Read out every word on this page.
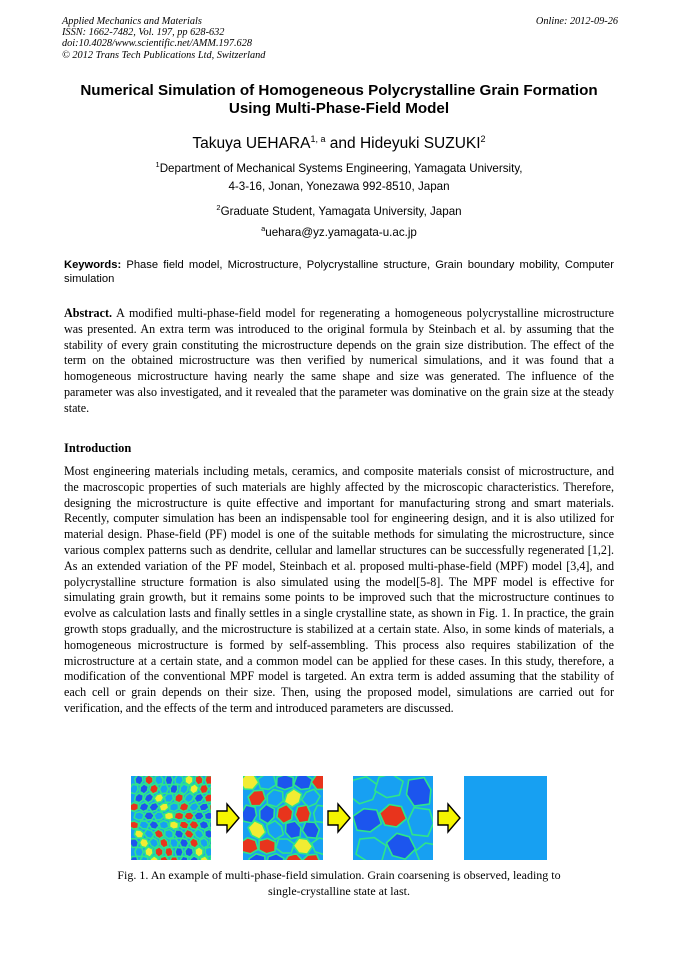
Applied Mechanics and Materials
ISSN: 1662-7482, Vol. 197, pp 628-632
doi:10.4028/www.scientific.net/AMM.197.628
© 2012 Trans Tech Publications Ltd, Switzerland
Online: 2012-09-26
Numerical Simulation of Homogeneous Polycrystalline Grain Formation
Using Multi-Phase-Field Model
Takuya UEHARA$^{1, a}$ and Hideyuki SUZUKI$^2$
$^1$Department of Mechanical Systems Engineering, Yamagata University,
4-3-16, Jonan, Yonezawa 992-8510, Japan
$^2$Graduate Student, Yamagata University, Japan
$^a$uehara@yz.yamagata-u.ac.jp
Keywords: Phase field model, Microstructure, Polycrystalline structure, Grain boundary mobility, Computer simulation
Abstract. A modified multi-phase-field model for regenerating a homogeneous polycrystalline microstructure was presented. An extra term was introduced to the original formula by Steinbach et al. by assuming that the stability of every grain constituting the microstructure depends on the grain size distribution. The effect of the term on the obtained microstructure was then verified by numerical simulations, and it was found that a homogeneous microstructure having nearly the same shape and size was generated. The influence of the parameter was also investigated, and it revealed that the parameter was dominative on the grain size at the steady state.
Introduction
Most engineering materials including metals, ceramics, and composite materials consist of microstructure, and the macroscopic properties of such materials are highly affected by the microscopic characteristics. Therefore, designing the microstructure is quite effective and important for manufacturing strong and smart materials. Recently, computer simulation has been an indispensable tool for engineering design, and it is also utilized for material design. Phase-field (PF) model is one of the suitable methods for simulating the microstructure, since various complex patterns such as dendrite, cellular and lamellar structures can be successfully regenerated [1,2]. As an extended variation of the PF model, Steinbach et al. proposed multi-phase-field (MPF) model [3,4], and polycrystalline structure formation is also simulated using the model[5-8]. The MPF model is effective for simulating grain growth, but it remains some points to be improved such that the microstructure continues to evolve as calculation lasts and finally settles in a single crystalline state, as shown in Fig. 1. In practice, the grain growth stops gradually, and the microstructure is stabilized at a certain state. Also, in some kinds of materials, a homogeneous microstructure is formed by self-assembling. This process also requires stabilization of the microstructure at a certain state, and a common model can be applied for these cases. In this study, therefore, a modification of the conventional MPF model is targeted. An extra term is added assuming that the stability of each cell or grain depends on their size. Then, using the proposed model, simulations are carried out for verification, and the effects of the term and introduced parameters are discussed.
Fig. 1. An example of multi-phase-field simulation. Grain coarsening is observed, leading to
single-crystalline state at last.
